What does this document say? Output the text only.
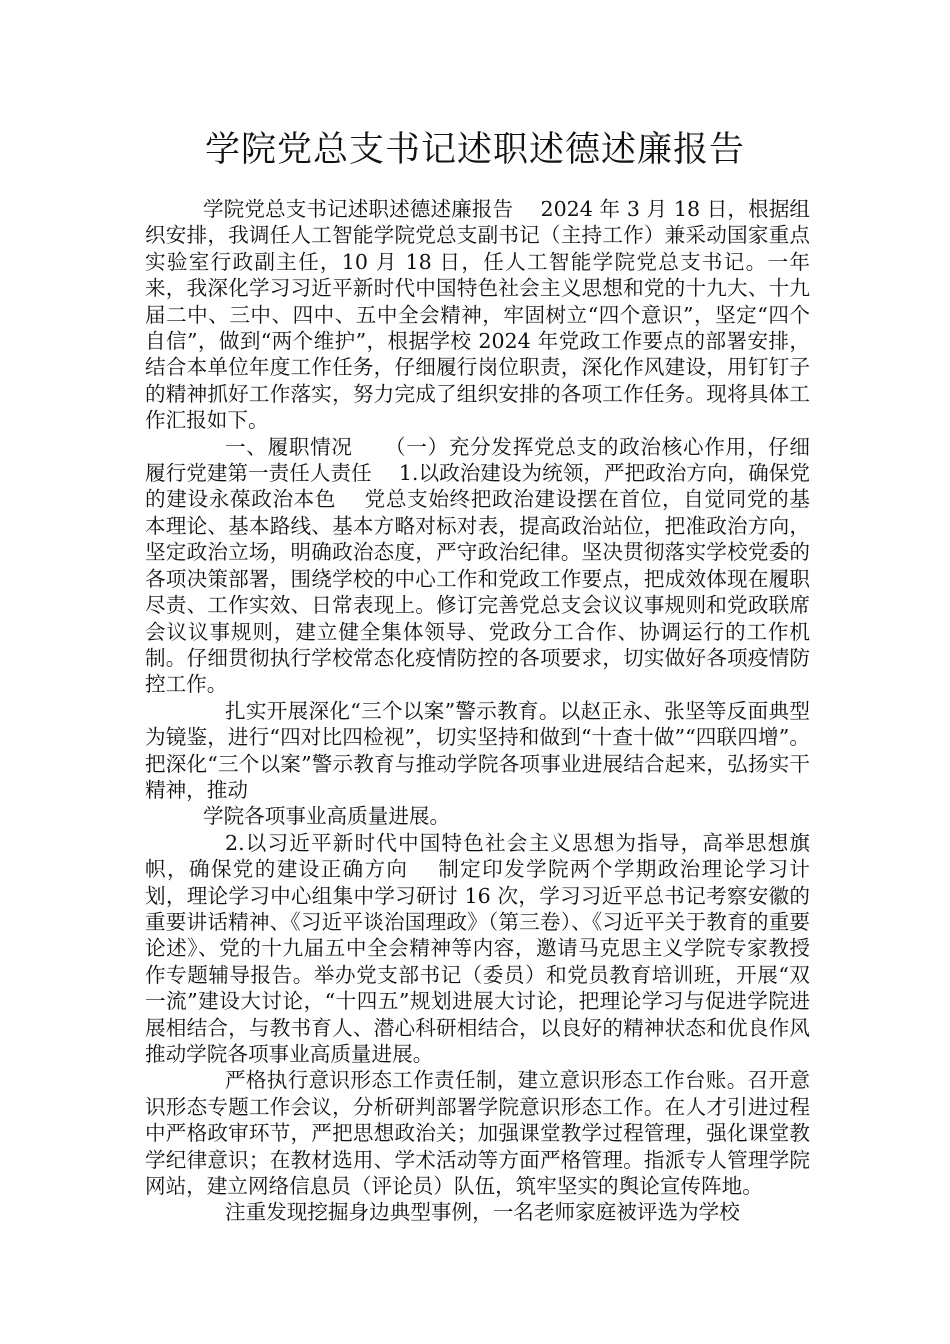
学院党总支书记述职述德述廉报告

学院党总支书记述职述德述廉报告　 2024 年 3 月 18 日，根据组织安排，我调任人工智能学院党总支副书记（主持工作）兼采动国家重点实验室行政副主任，10 月 18 日，任人工智能学院党总支书记。一年来，我深化学习习近平新时代中国特色社会主义思想和党的十九大、十九届二中、三中、四中、五中全会精神，牢固树立“四个意识”，坚定“四个自信”，做到“两个维护”，根据学校 2024 年党政工作要点的部署安排，结合本单位年度工作任务，仔细履行岗位职责，深化作风建设，用钉钉子的精神抓好工作落实，努力完成了组织安排的各项工作任务。现将具体工作汇报如下。

一、履职情况　　（一）充分发挥党总支的政治核心作用，仔细履行党建第一责任人责任　 1.以政治建设为统领，严把政治方向，确保党的建设永葆政治本色　 党总支始终把政治建设摆在首位，自觉同党的基本理论、基本路线、基本方略对标对表，提高政治站位，把准政治方向，坚定政治立场，明确政治态度，严守政治纪律。坚决贯彻落实学校党委的各项决策部署，围绕学校的中心工作和党政工作要点，把成效体现在履职尽责、工作实效、日常表现上。修订完善党总支会议议事规则和党政联席会议议事规则，建立健全集体领导、党政分工合作、协调运行的工作机制。仔细贯彻执行学校常态化疫情防控的各项要求，切实做好各项疫情防控工作。

扎实开展深化“三个以案”警示教育。以赵正永、张坚等反面典型为镜鉴，进行“四对比四检视”，切实坚持和做到“十查十做”“四联四增”。把深化“三个以案”警示教育与推动学院各项事业进展结合起来，弘扬实干精神，推动

学院各项事业高质量进展。

2.以习近平新时代中国特色社会主义思想为指导，高举思想旗帜，确保党的建设正确方向　 制定印发学院两个学期政治理论学习计划，理论学习中心组集中学习研讨 16 次，学习习近平总书记考察安徽的重要讲话精神、《习近平谈治国理政》（第三卷）、《习近平关于教育的重要论述》、党的十九届五中全会精神等内容，邀请马克思主义学院专家教授作专题辅导报告。举办党支部书记（委员）和党员教育培训班，开展“双一流”建设大讨论，“十四五”规划进展大讨论，把理论学习与促进学院进展相结合，与教书育人、潜心科研相结合，以良好的精神状态和优良作风推动学院各项事业高质量进展。

严格执行意识形态工作责任制，建立意识形态工作台账。召开意识形态专题工作会议，分析研判部署学院意识形态工作。在人才引进过程中严格政审环节，严把思想政治关；加强课堂教学过程管理，强化课堂教学纪律意识；在教材选用、学术活动等方面严格管理。指派专人管理学院网站，建立网络信息员（评论员）队伍，筑牢坚实的舆论宣传阵地。

注重发现挖掘身边典型事例，一名老师家庭被评选为学校
